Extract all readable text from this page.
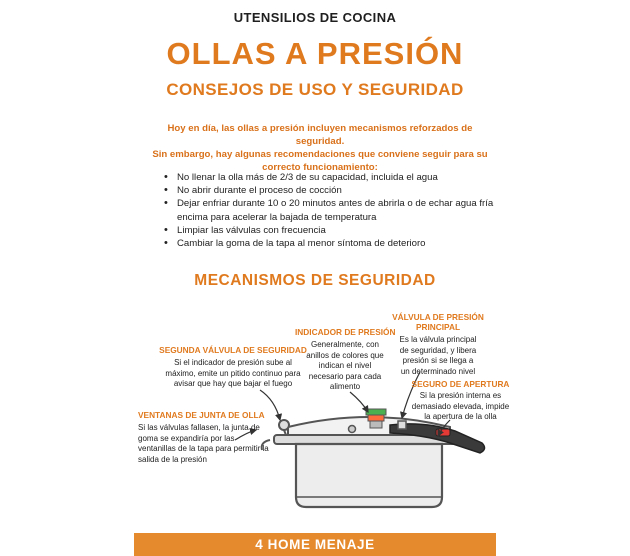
UTENSILIOS DE COCINA
OLLAS A PRESIÓN
CONSEJOS DE USO Y SEGURIDAD

Hoy en día, las ollas a presión incluyen mecanismos reforzados de seguridad.

Sin embargo, hay algunas recomendaciones que conviene seguir para su

correcto funcionamiento:

• No llenar la olla más de 2/3 de su capacidad, incluida el agua
• No abrir durante el proceso de cocción
• Dejar enfriar durante 10 o 20 minutos antes de abrirla o de echar agua fría encima para acelerar la bajada de temperatura
• Limpiar las válvulas con frecuencia
• Cambiar la goma de la tapa al menor síntoma de deterioro
MECANISMOS DE SEGURIDAD
SEGUNDA VÁLVULA DE SEGURIDAD
Si el indicador de presión sube al
máximo, emite un pitido continuo para
avisar que hay que bajar el fuego
INDICADOR DE PRESIÓN
Generalmente, con
anillos de colores que
indican el nivel
necesario para cada
alimento
VÁLVULA DE PRESIÓN
PRINCIPAL
Es la válvula principal
de seguridad, y libera
presión si se llega a
un determinado nivel
SEGURO DE APERTURA
Si la presión interna es
demasiado elevada, impide
la apertura de la olla
VENTANAS DE JUNTA DE OLLA
Si las válvulas fallasen, la junta de
goma se expandiría por las
ventanillas de la tapa para permitir la
salida de la presión
4 HOME MENAJE
